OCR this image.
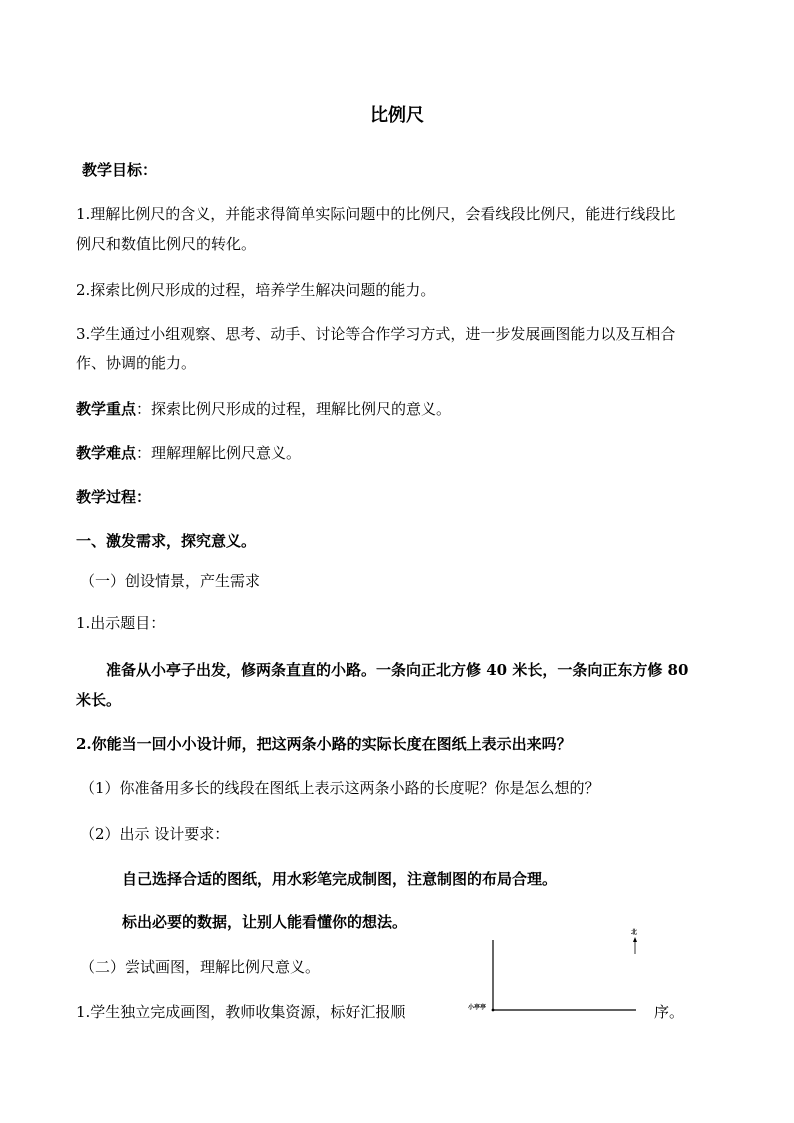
比例尺
教学目标：
1.理解比例尺的含义，并能求得简单实际问题中的比例尺，会看线段比例尺，能进行线段比
例尺和数值比例尺的转化。
2.探索比例尺形成的过程，培养学生解决问题的能力。
3.学生通过小组观察、思考、动手、讨论等合作学习方式，进一步发展画图能力以及互相合
作、协调的能力。
教学重点：探索比例尺形成的过程，理解比例尺的意义。
教学难点：理解理解比例尺意义。
教学过程：
一、激发需求，探究意义。
（一）创设情景，产生需求
1.出示题目：
准备从小亭子出发，修两条直直的小路。一条向正北方修 40 米长，一条向正东方修 80
米长。
2.你能当一回小小设计师，把这两条小路的实际长度在图纸上表示出来吗？
（1）你准备用多长的线段在图纸上表示这两条小路的长度呢？你是怎么想的？
（2）出示 设计要求：
自己选择合适的图纸，用水彩笔完成制图，注意制图的布局合理。
标出必要的数据，让别人能看懂你的想法。
（二）尝试画图，理解比例尺意义。
1.学生独立完成画图，教师收集资源，标好汇报顺	序。
北
小亭亭
